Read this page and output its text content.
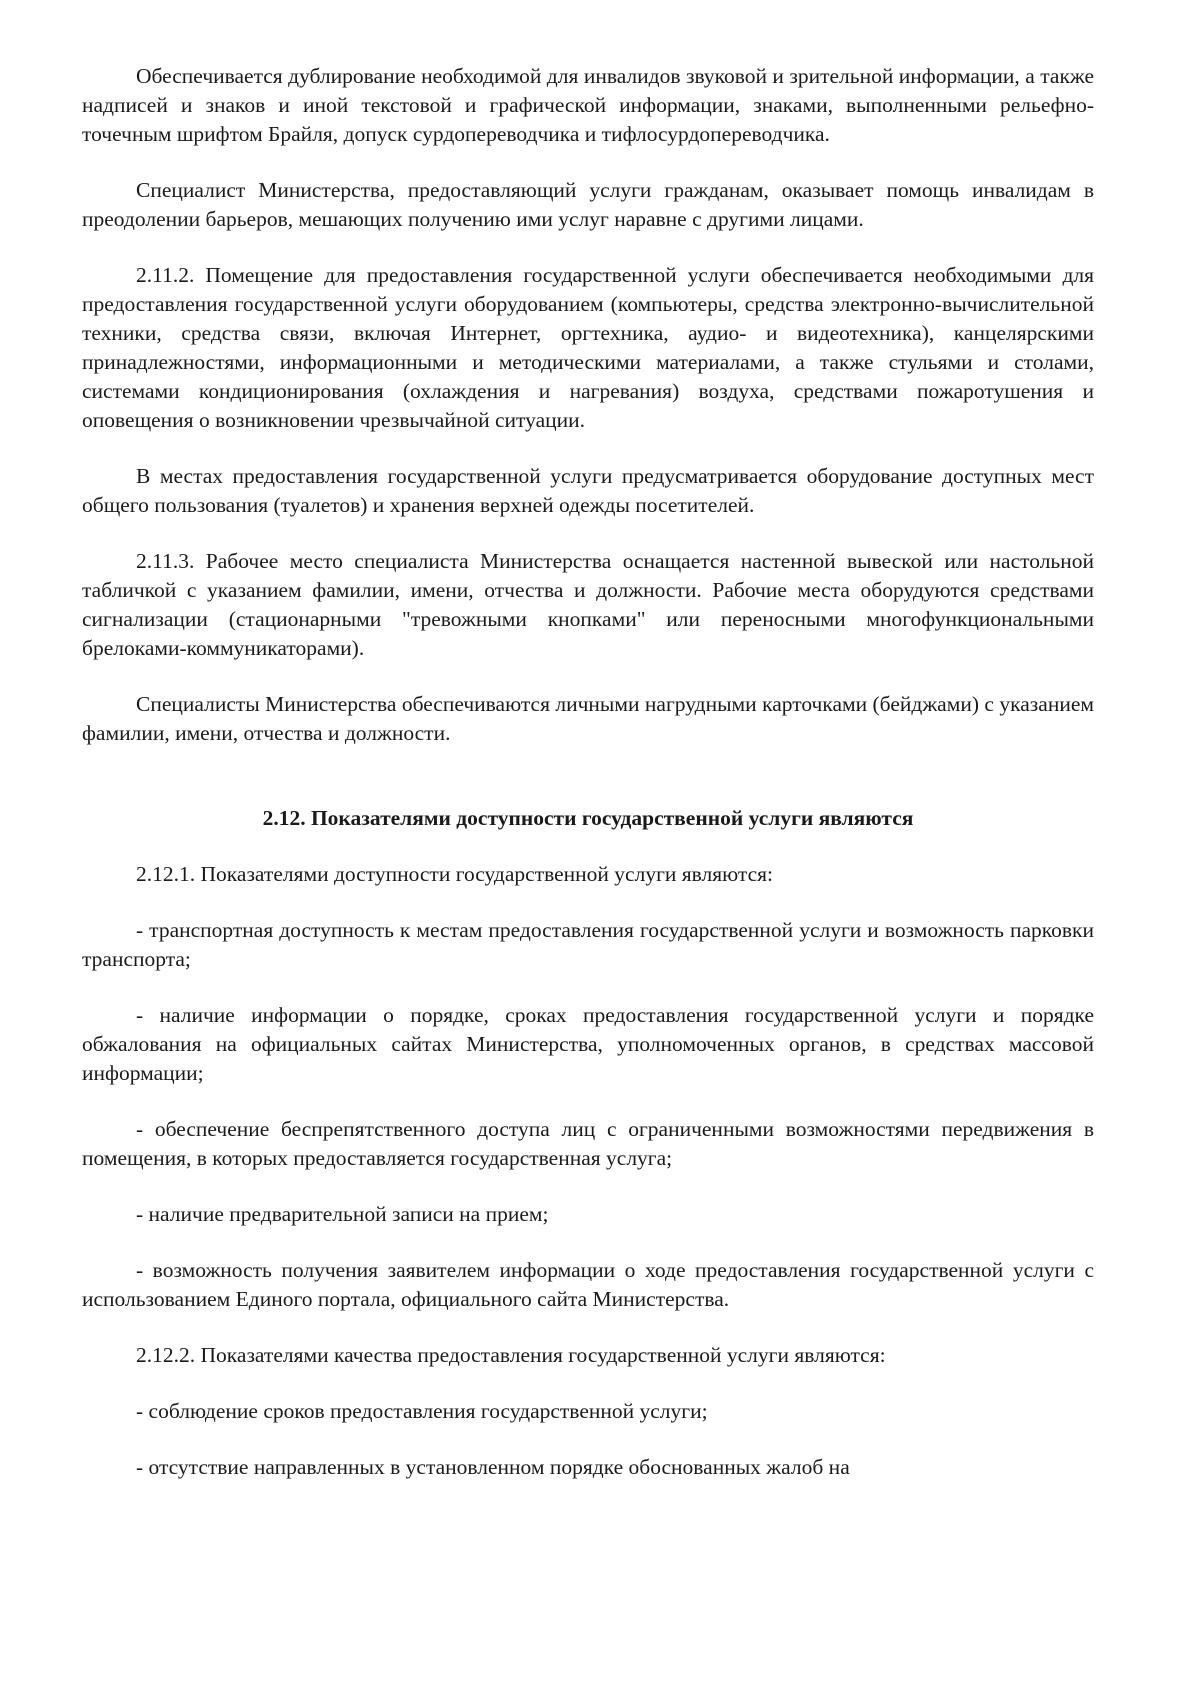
Обеспечивается дублирование необходимой для инвалидов звуковой и зрительной информации, а также надписей и знаков и иной текстовой и графической информации, знаками, выполненными рельефно-точечным шрифтом Брайля, допуск сурдопереводчика и тифлосурдопереводчика.

Специалист Министерства, предоставляющий услуги гражданам, оказывает помощь инвалидам в преодолении барьеров, мешающих получению ими услуг наравне с другими лицами.

2.11.2. Помещение для предоставления государственной услуги обеспечивается необходимыми для предоставления государственной услуги оборудованием (компьютеры, средства электронно-вычислительной техники, средства связи, включая Интернет, оргтехника, аудио- и видеотехника), канцелярскими принадлежностями, информационными и методическими материалами, а также стульями и столами, системами кондиционирования (охлаждения и нагревания) воздуха, средствами пожаротушения и оповещения о возникновении чрезвычайной ситуации.

В местах предоставления государственной услуги предусматривается оборудование доступных мест общего пользования (туалетов) и хранения верхней одежды посетителей.

2.11.3. Рабочее место специалиста Министерства оснащается настенной вывеской или настольной табличкой с указанием фамилии, имени, отчества и должности. Рабочие места оборудуются средствами сигнализации (стационарными "тревожными кнопками" или переносными многофункциональными брелоками-коммуникаторами).

Специалисты Министерства обеспечиваются личными нагрудными карточками (бейджами) с указанием фамилии, имени, отчества и должности.

2.12. Показателями доступности государственной услуги являются

2.12.1. Показателями доступности государственной услуги являются:

- транспортная доступность к местам предоставления государственной услуги и возможность парковки транспорта;

- наличие информации о порядке, сроках предоставления государственной услуги и порядке обжалования на официальных сайтах Министерства, уполномоченных органов, в средствах массовой информации;

- обеспечение беспрепятственного доступа лиц с ограниченными возможностями передвижения в помещения, в которых предоставляется государственная услуга;

- наличие предварительной записи на прием;

- возможность получения заявителем информации о ходе предоставления государственной услуги с использованием Единого портала, официального сайта Министерства.

2.12.2. Показателями качества предоставления государственной услуги являются:

- соблюдение сроков предоставления государственной услуги;

- отсутствие направленных в установленном порядке обоснованных жалоб на
